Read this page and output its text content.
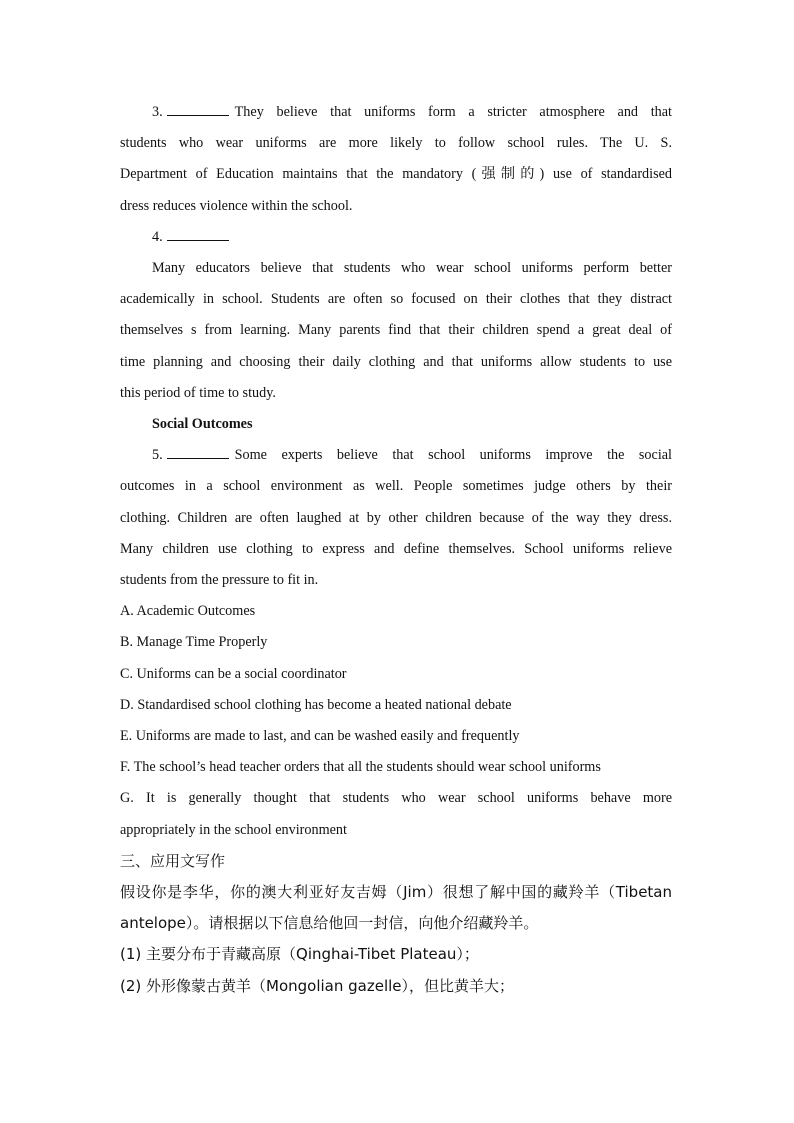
3.	They believe that uniforms form a stricter atmosphere and that

students who wear uniforms are more likely to follow school rules. The U. S.

Department of Education maintains that the mandatory (强制的) use of standardised

dress reduces violence within the school.

4.

Many educators believe that students who wear school uniforms perform better

academically in school. Students are often so focused on their clothes that they distract

themselves s from learning. Many parents find that their children spend a great deal of

time planning and choosing their daily clothing and that uniforms allow students to use

this period of time to study.

Social Outcomes

5.	Some experts believe that school uniforms improve the social

outcomes in a school environment as well. People sometimes judge others by their

clothing. Children are often laughed at by other children because of the way they dress.

Many children use clothing to express and define themselves. School uniforms relieve

students from the pressure to fit in.

A. Academic Outcomes

B. Manage Time Properly

C. Uniforms can be a social coordinator

D. Standardised school clothing has become a heated national debate

E. Uniforms are made to last, and can be washed easily and frequently

F. The school’s head teacher orders that all the students should wear school uniforms

G. It is generally thought that students who wear school uniforms behave more

appropriately in the school environment

三、应用文写作

假设你是李华，你的澳大利亚好友吉姆（Jim）很想了解中国的藏羚羊（Tibetan

antelope）。请根据以下信息给他回一封信，向他介绍藏羚羊。

(1) 主要分布于青藏高原（Qinghai-Tibet Plateau）；

(2) 外形像蒙古黄羊（Mongolian gazelle），但比黄羊大；
